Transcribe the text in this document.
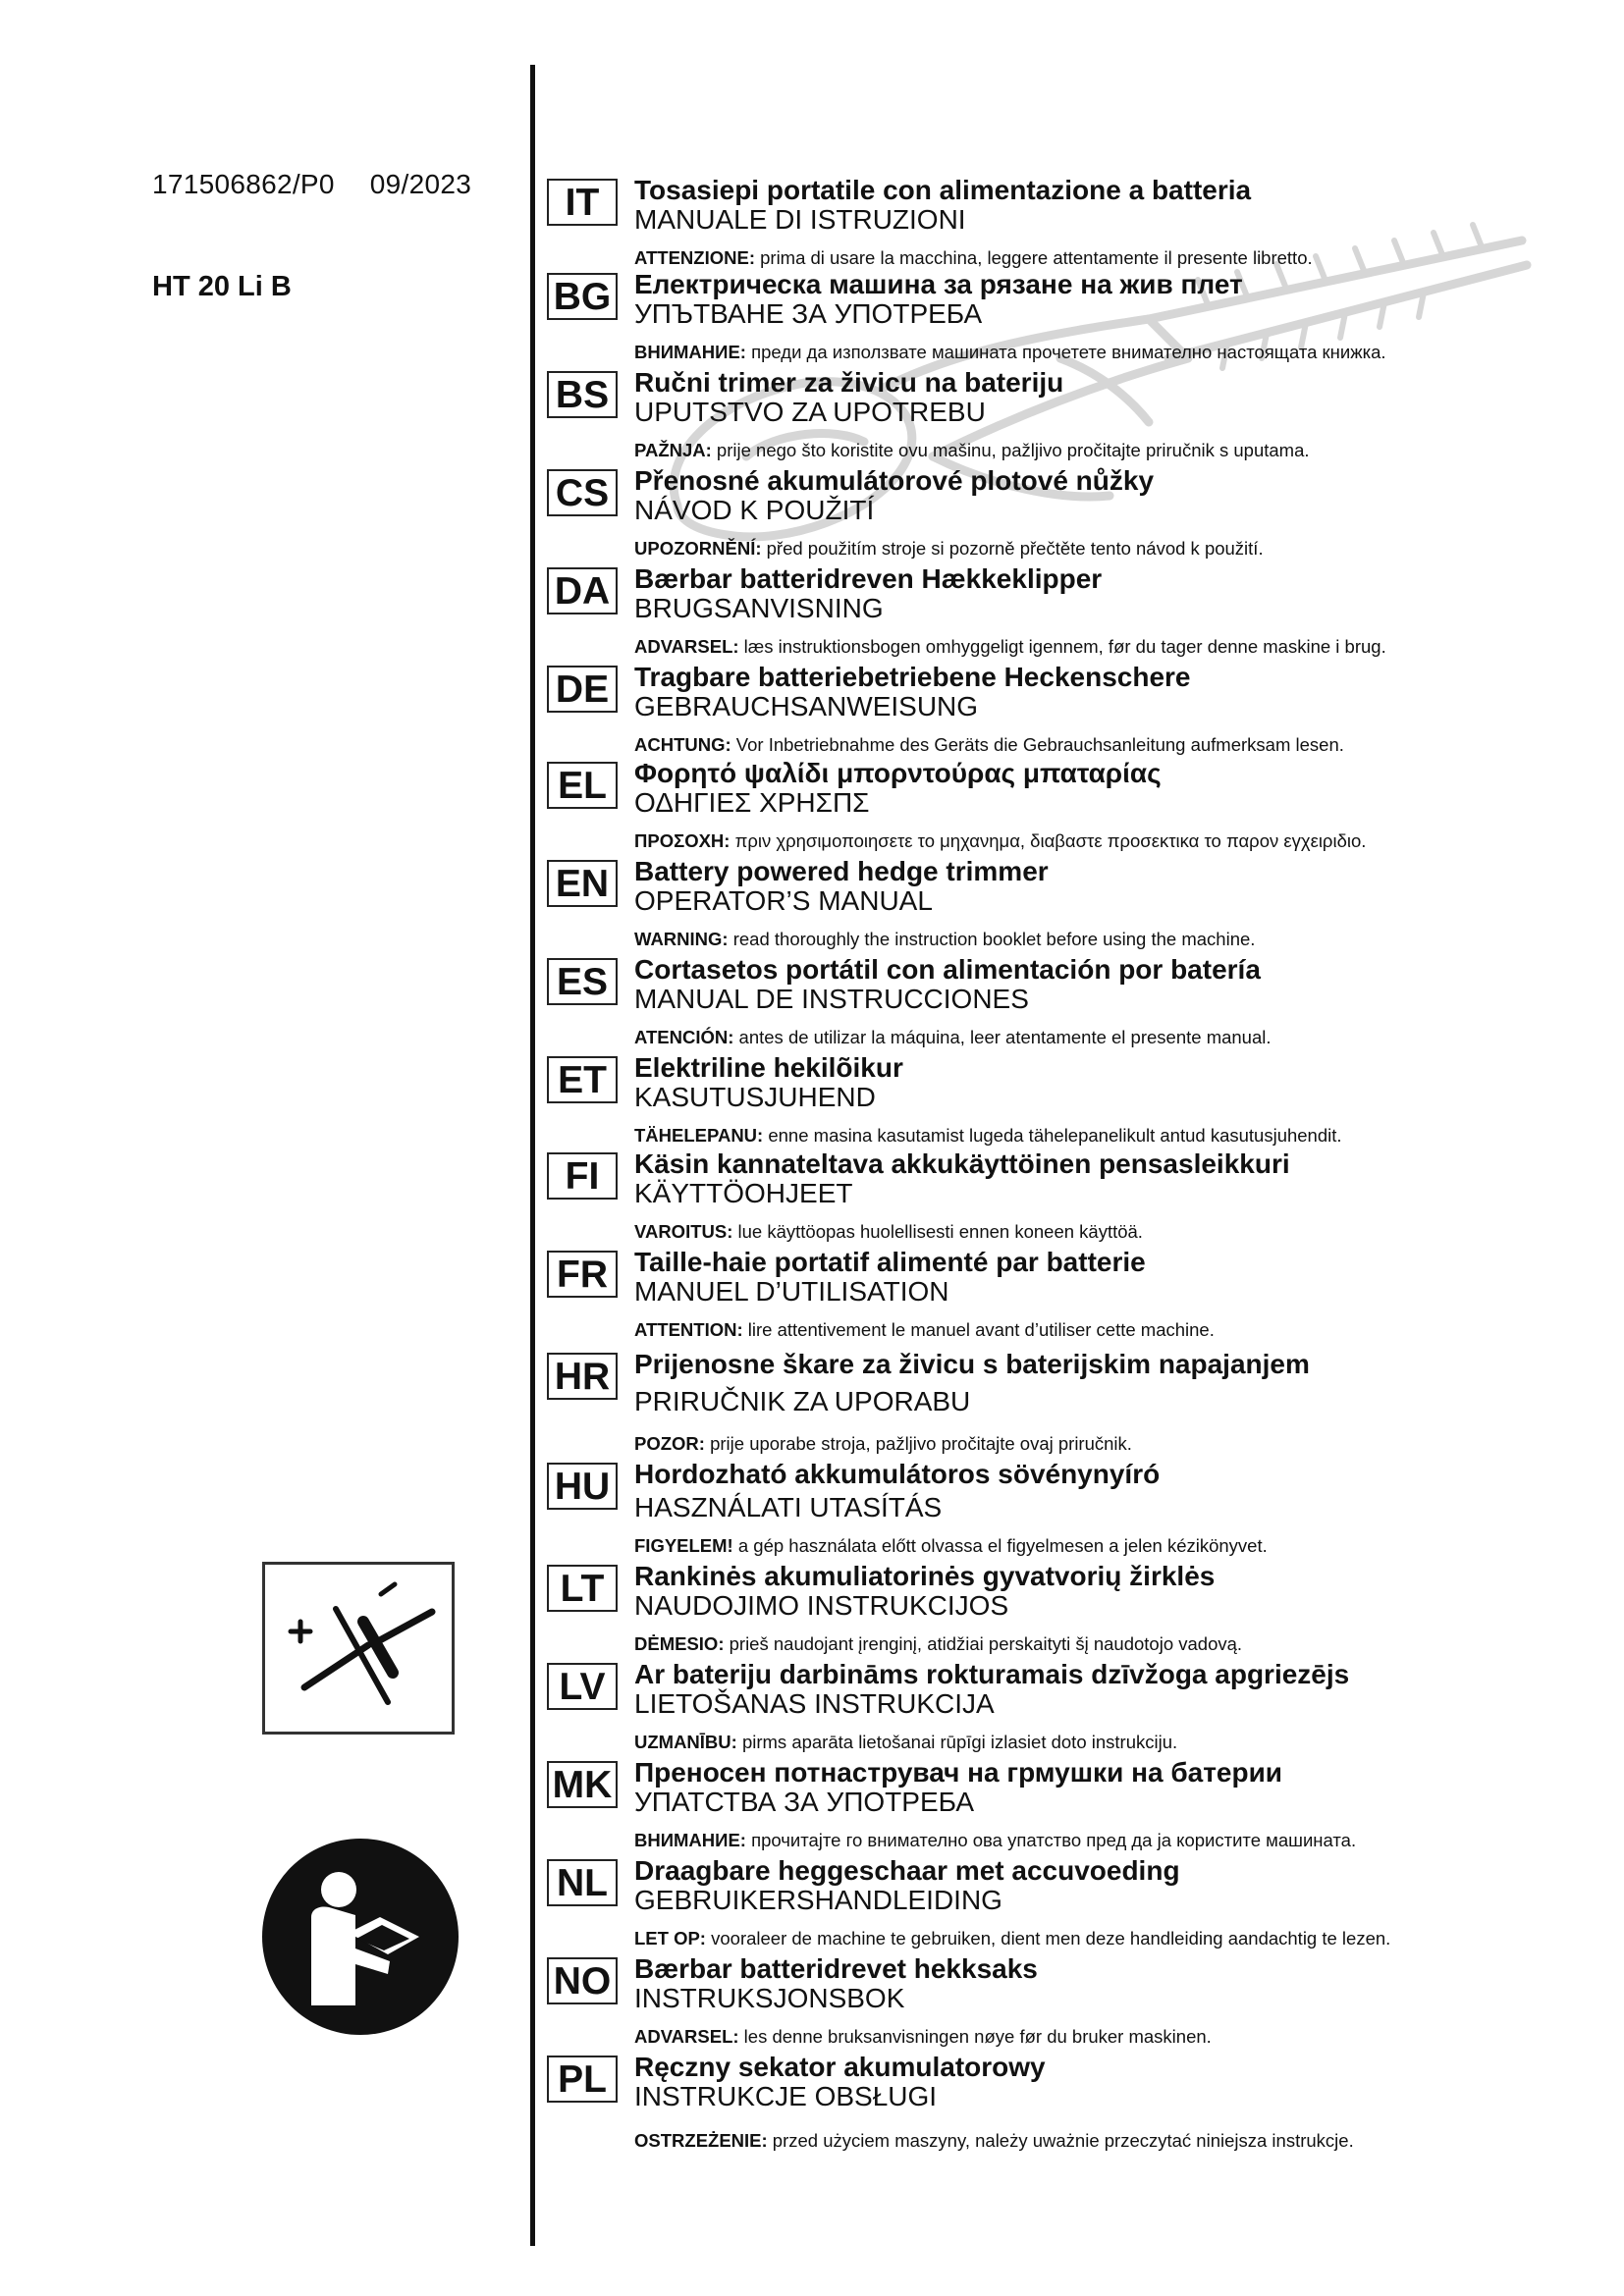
171506862/P0 09/2023
HT 20 Li B
IT	Tosasiepi portatile con alimentazione a batteria
MANUALE DI ISTRUZIONI
ATTENZIONE: prima di usare la macchina, leggere attentamente il presente libretto.
BG Електрическа машина за рязане на жив плет
УПЪТВАНЕ ЗА УПОТРЕБА
ВНИМАНИЕ: преди да използвате машината прочетете внимателно настоящата книжка.
BS Ručni trimer za živicu na bateriju
UPUTSTVO ZA UPOTREBU
PAŽNJA: prije nego što koristite ovu mašinu, pažljivo pročitajte priručnik s uputama.
CS Přenosné akumulátorové plotové nůžky
NÁVOD K POUŽITÍ
UPOZORNĚNÍ: před použitím stroje si pozorně přečtěte tento návod k použití.
DA Bærbar batteridreven Hækkeklipper
BRUGSANVISNING
ADVARSEL: læs instruktionsbogen omhyggeligt igennem, før du tager denne maskine i brug.
DE Tragbare batteriebetriebene Heckenschere
GEBRAUCHSANWEISUNG
ACHTUNG: Vor Inbetriebnahme des Geräts die Gebrauchsanleitung aufmerksam lesen.
EL	Φορητό ψαλίδι μπορντούρας μπαταρίας
ΟΔΗΓΙΕΣ ΧΡΗΣΠΣ
ΠΡΟΣΟΧΗ: πριν χρησιμοποιησετε το μηχανημα, διαβαστε προσεκτικα το παρον εγχειριδιο.
EN Battery powered hedge trimmer
OPERATOR’S MANUAL
WARNING: read thoroughly the instruction booklet before using the machine.
ES Cortasetos portátil con alimentación por batería
MANUAL DE INSTRUCCIONES
ATENCIÓN: antes de utilizar la máquina, leer atentamente el presente manual.
ET	Elektriline hekilõikur
KASUTUSJUHEND
TÄHELEPANU: enne masina kasutamist lugeda tähelepanelikult antud kasutusjuhendit.
FI	Käsin kannateltava akkukäyttöinen pensasleikkuri
KÄYTTÖOHJEET
VAROITUS: lue käyttöopas huolellisesti ennen koneen käyttöä.
FR Taille-haie portatif alimenté par batterie
MANUEL D’UTILISATION
ATTENTION: lire attentivement le manuel avant d’utiliser cette machine.
HR Prijenosne škare za živicu s baterijskim napajanjem
PRIRUČNIK ZA UPORABU
POZOR: prije uporabe stroja, pažljivo pročitajte ovaj priručnik.
HU Hordozható akkumulátoros sövénynyíró
HASZNÁLATI UTASÍTÁS
FIGYELEM! a gép használata előtt olvassa el figyelmesen a jelen kézikönyvet.
LT	Rankinės akumuliatorinės gyvatvorių žirklės
NAUDOJIMO INSTRUKCIJOS
DĖMESIO: prieš naudojant įrenginį, atidžiai perskaityti šį naudotojo vadovą.
LV	Ar bateriju darbināms rokturamais dzīvžoga apgriezējs
LIETOŠANAS INSTRUKCIJA
UZMANĪBU: pirms aparāta lietošanai rūpīgi izlasiet doto instrukciju.
MK Преносен потнаструвач на грмушки на батерии
УПАТСТВА ЗА УПОТРЕБА
ВНИМАНИЕ: прочитајте го внимателно ова упатство пред да ја користите машината.
NL Draagbare heggeschaar met accuvoeding
GEBRUIKERSHANDLEIDING
LET OP: vooraleer de machine te gebruiken, dient men deze handleiding aandachtig te lezen.
NO Bærbar batteridrevet hekksaks
INSTRUKSJONSBOK
ADVARSEL: les denne bruksanvisningen nøye før du bruker maskinen.
PL	Ręczny sekator akumulatorowy
INSTRUKCJE OBSŁUGI
OSTRZEŻENIE: przed użyciem maszyny, należy uważnie przeczytać niniejsza instrukcje.
